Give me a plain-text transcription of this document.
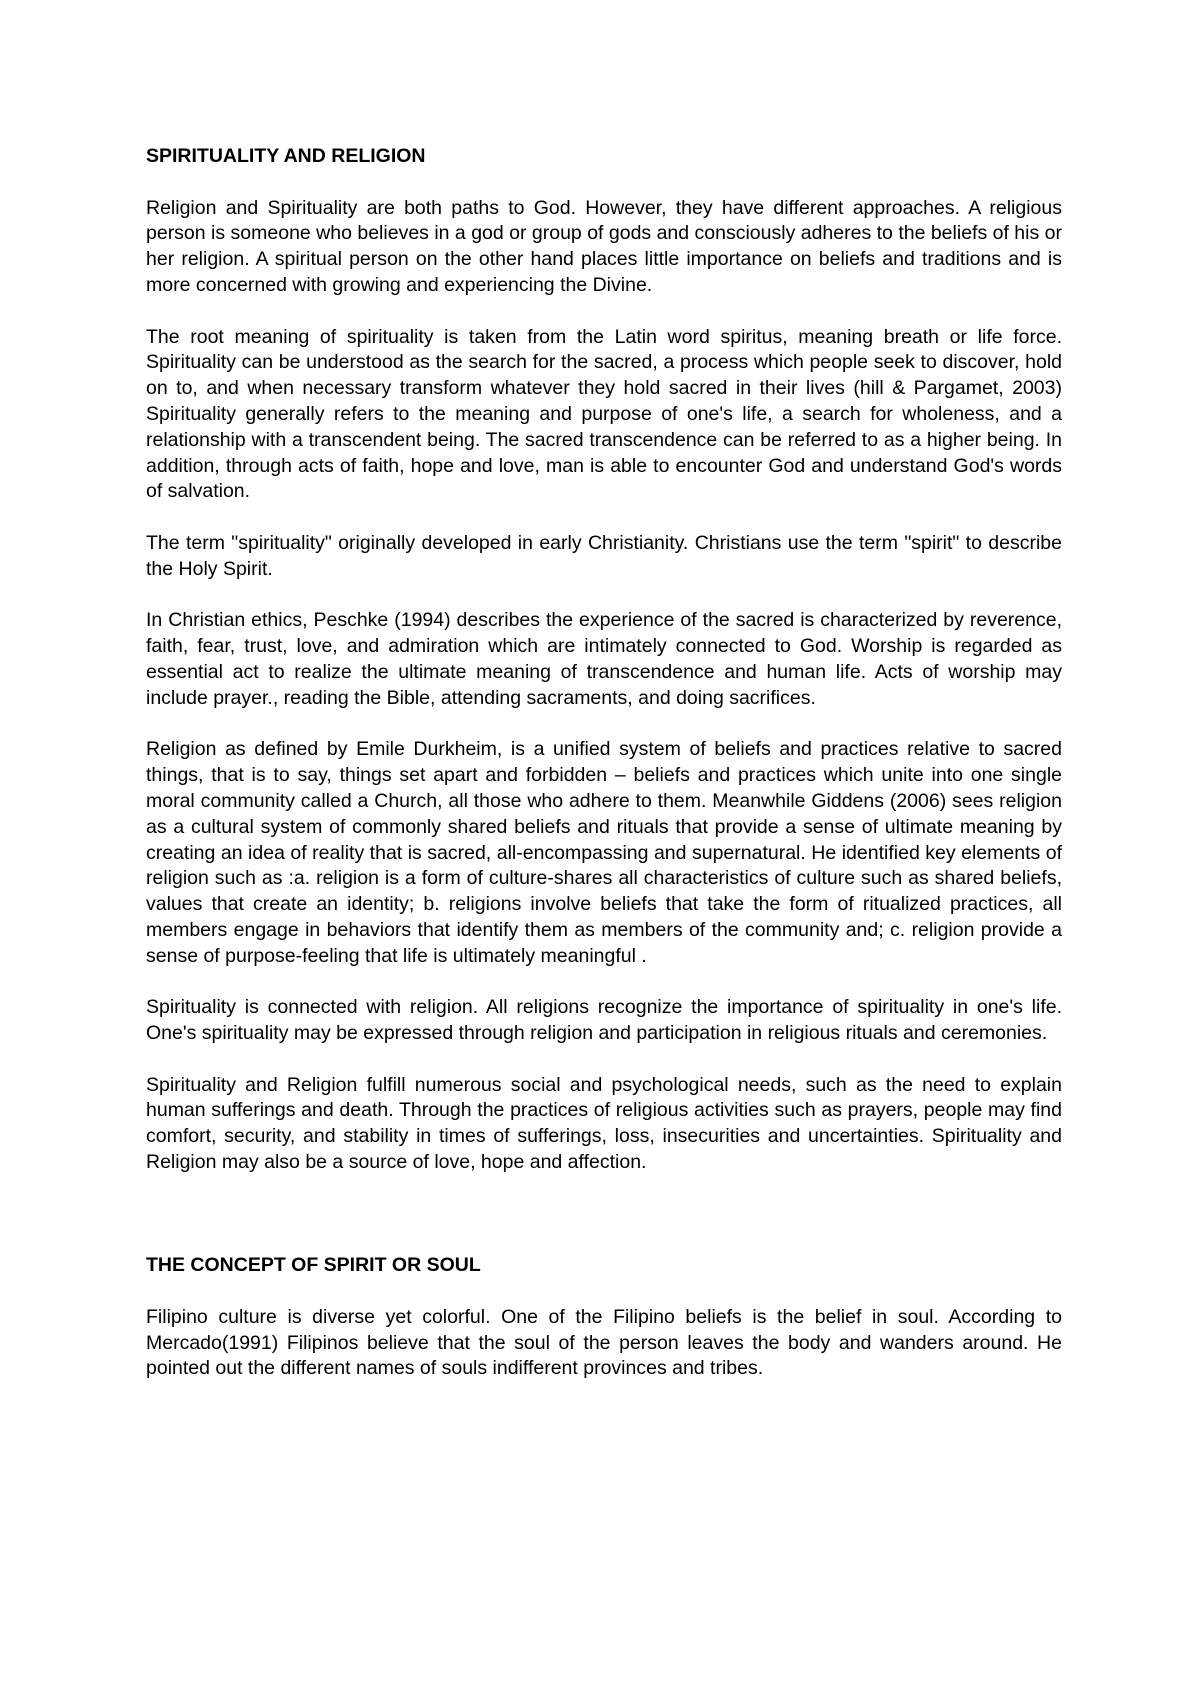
SPIRITUALITY AND RELIGION

Religion and Spirituality are both paths to God. However, they have different approaches. A religious person is someone who believes in a god or group of gods and consciously adheres to the beliefs of his or her religion. A spiritual person on the other hand places little importance on beliefs and traditions and is more concerned with growing and experiencing the Divine.

The root meaning of spirituality is taken from the Latin word spiritus, meaning breath or life force. Spirituality can be understood as the search for the sacred, a process which people seek to discover, hold on to, and when necessary transform whatever they hold sacred in their lives (hill & Pargamet, 2003) Spirituality generally refers to the meaning and purpose of one's life, a search for wholeness, and a relationship with a transcendent being. The sacred transcendence can be referred to as a higher being. In addition, through acts of faith, hope and love, man is able to encounter God and understand God's words of salvation.

The term "spirituality" originally developed in early Christianity. Christians use the term "spirit" to describe the Holy Spirit.

In Christian ethics, Peschke (1994) describes the experience of the sacred is characterized by reverence, faith, fear, trust, love, and admiration which are intimately connected to God. Worship is regarded as essential act to realize the ultimate meaning of transcendence and human life. Acts of worship may include prayer., reading the Bible, attending sacraments, and doing sacrifices.

Religion as defined by Emile Durkheim, is a unified system of beliefs and practices relative to sacred things, that is to say, things set apart and forbidden – beliefs and practices which unite into one single moral community called a Church, all those who adhere to them. Meanwhile Giddens (2006) sees religion as a cultural system of commonly shared beliefs and rituals that provide a sense of ultimate meaning by creating an idea of reality that is sacred, all-encompassing and supernatural. He identified key elements of religion such as :a. religion is a form of culture-shares all characteristics of culture such as shared beliefs, values that create an identity; b. religions involve beliefs that take the form of ritualized practices, all members engage in behaviors that identify them as members of the community and; c. religion provide a sense of purpose-feeling that life is ultimately meaningful .

Spirituality is connected with religion. All religions recognize the importance of spirituality in one's life. One's spirituality may be expressed through religion and participation in religious rituals and ceremonies.

Spirituality and Religion fulfill numerous social and psychological needs, such as the need to explain human sufferings and death. Through the practices of religious activities such as prayers, people may find comfort, security, and stability in times of sufferings, loss, insecurities and uncertainties. Spirituality and Religion may also be a source of love, hope and affection.

THE CONCEPT OF SPIRIT OR SOUL

Filipino culture is diverse yet colorful. One of the Filipino beliefs is the belief in soul. According to Mercado(1991) Filipinos believe that the soul of the person leaves the body and wanders around. He pointed out the different names of souls indifferent provinces and tribes.
